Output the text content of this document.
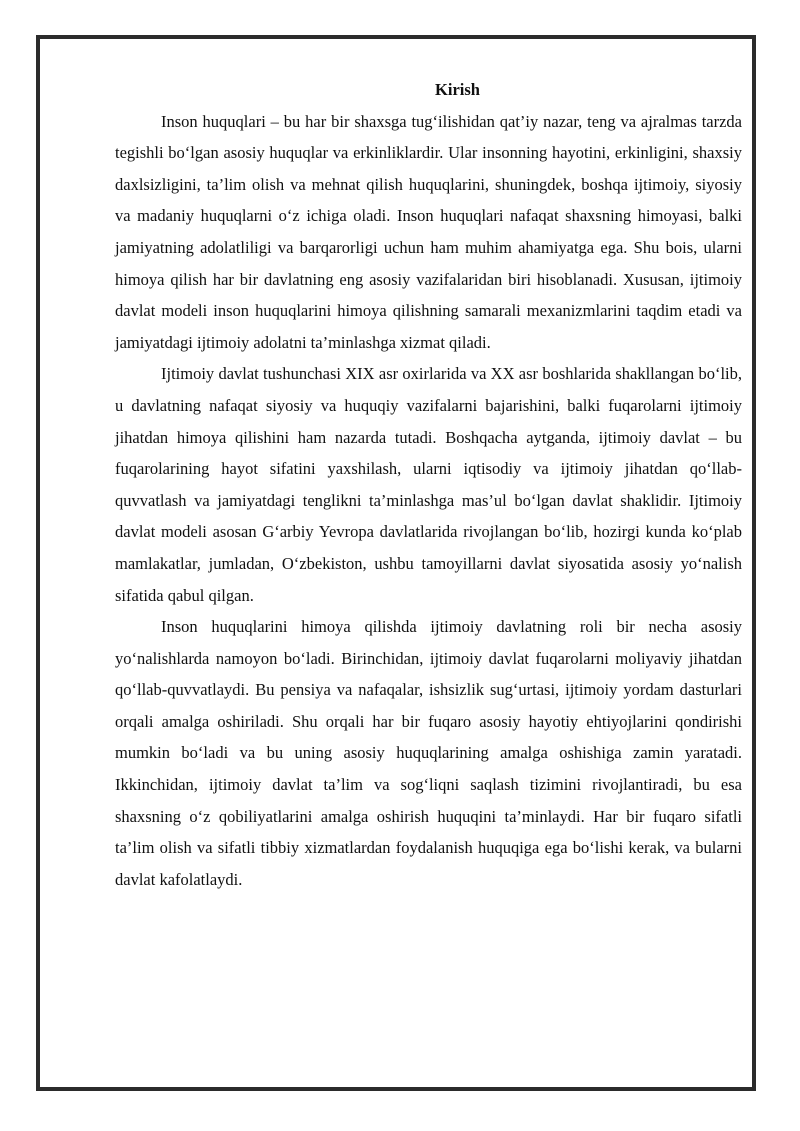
Kirish

Inson huquqlari – bu har bir shaxsga tug‘ilishidan qat’iy nazar, teng va ajralmas tarzda tegishli bo‘lgan asosiy huquqlar va erkinliklardir. Ular insonning hayotini, erkinligini, shaxsiy daxlsizligini, ta’lim olish va mehnat qilish huquqlarini, shuningdek, boshqa ijtimoiy, siyosiy va madaniy huquqlarni o‘z ichiga oladi. Inson huquqlari nafaqat shaxsning himoyasi, balki jamiyatning adolatliligi va barqarorligi uchun ham muhim ahamiyatga ega. Shu bois, ularni himoya qilish har bir davlatning eng asosiy vazifalaridan biri hisoblanadi. Xususan, ijtimoiy davlat modeli inson huquqlarini himoya qilishning samarali mexanizmlarini taqdim etadi va jamiyatdagi ijtimoiy adolatni ta’minlashga xizmat qiladi.

Ijtimoiy davlat tushunchasi XIX asr oxirlarida va XX asr boshlarida shakllangan bo‘lib, u davlatning nafaqat siyosiy va huquqiy vazifalarni bajarishini, balki fuqarolarni ijtimoiy jihatdan himoya qilishini ham nazarda tutadi. Boshqacha aytganda, ijtimoiy davlat – bu fuqarolarining hayot sifatini yaxshilash, ularni iqtisodiy va ijtimoiy jihatdan qo‘llab-quvvatlash va jamiyatdagi tenglikni ta’minlashga mas’ul bo‘lgan davlat shaklidir. Ijtimoiy davlat modeli asosan G‘arbiy Yevropa davlatlarida rivojlangan bo‘lib, hozirgi kunda ko‘plab mamlakatlar, jumladan, O‘zbekiston, ushbu tamoyillarni davlat siyosatida asosiy yo‘nalish sifatida qabul qilgan.

Inson huquqlarini himoya qilishda ijtimoiy davlatning roli bir necha asosiy yo‘nalishlarda namoyon bo‘ladi. Birinchidan, ijtimoiy davlat fuqarolarni moliyaviy jihatdan qo‘llab-quvvatlaydi. Bu pensiya va nafaqalar, ishsizlik sug‘urtasi, ijtimoiy yordam dasturlari orqali amalga oshiriladi. Shu orqali har bir fuqaro asosiy hayotiy ehtiyojlarini qondirishi mumkin bo‘ladi va bu uning asosiy huquqlarining amalga oshishiga zamin yaratadi. Ikkinchidan, ijtimoiy davlat ta’lim va sog‘liqni saqlash tizimini rivojlantiradi, bu esa shaxsning o‘z qobiliyatlarini amalga oshirish huquqini ta’minlaydi. Har bir fuqaro sifatli ta’lim olish va sifatli tibbiy xizmatlardan foydalanish huquqiga ega bo‘lishi kerak, va bularni davlat kafolatlaydi.
